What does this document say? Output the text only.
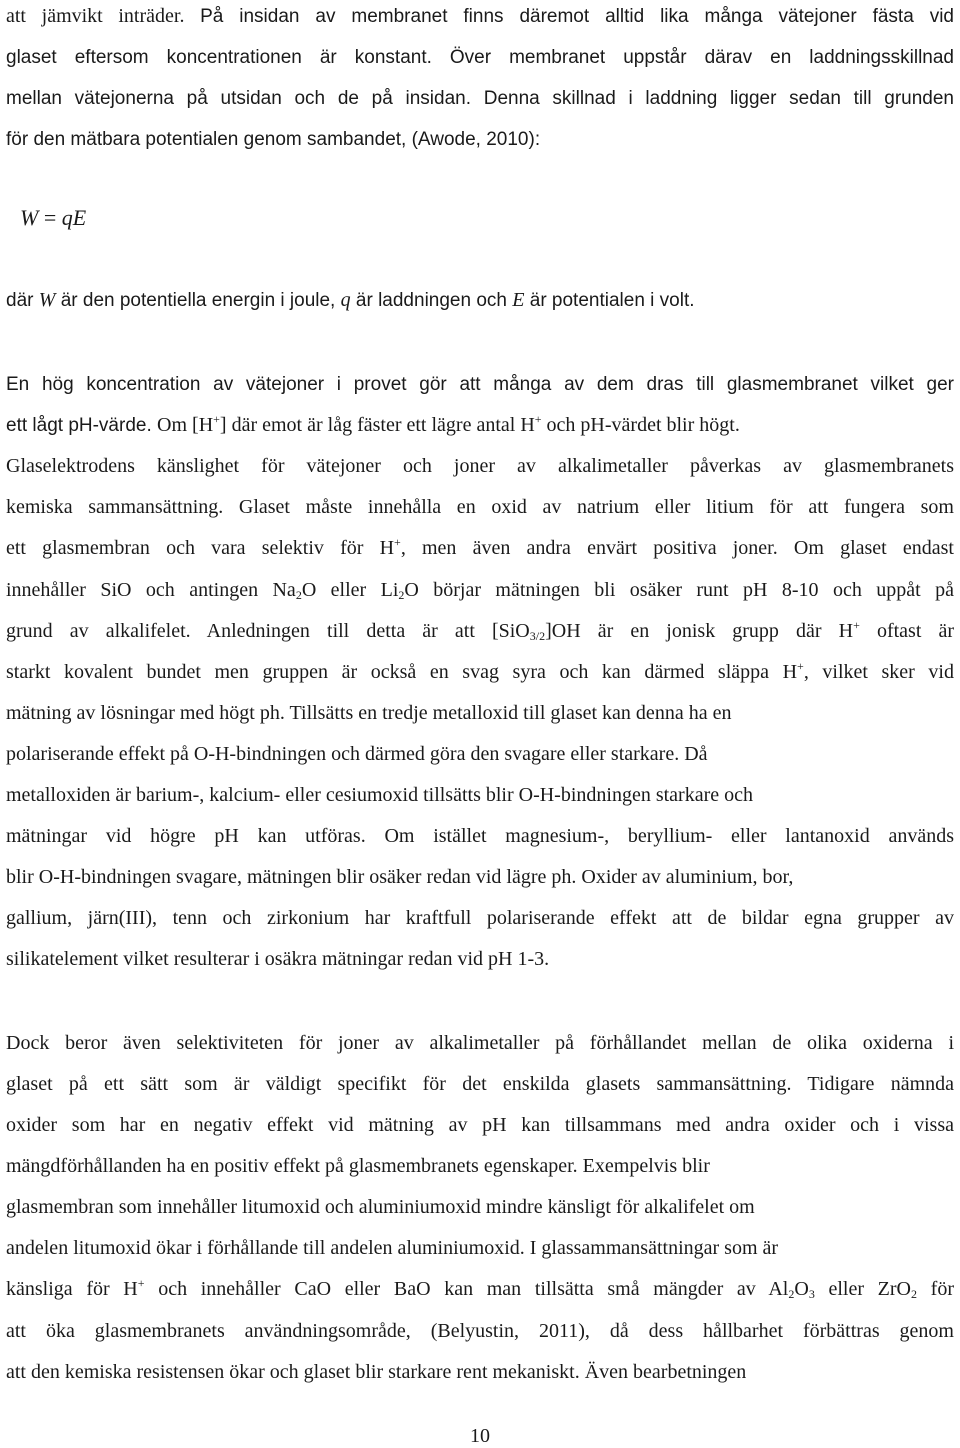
att jämvikt inträder. På insidan av membranet finns däremot alltid lika många vätejoner fästa vid
glaset eftersom koncentrationen är konstant. Över membranet uppstår därav en laddningsskillnad
mellan vätejonerna på utsidan och de på insidan. Denna skillnad i laddning ligger sedan till grunden
för den mätbara potentialen genom sambandet, (Awode, 2010):
W = qE
där W är den potentiella energin i joule, q är laddningen och E är potentialen i volt.
En hög koncentration av vätejoner i provet gör att många av dem dras till glasmembranet vilket ger
ett lågt pH-värde. Om [H+] där emot är låg fäster ett lägre antal H+ och pH-värdet blir högt.
Glaselektrodens känslighet för vätejoner och joner av alkalimetaller påverkas av glasmembranets
kemiska sammansättning. Glaset måste innehålla en oxid av natrium eller litium för att fungera som
ett glasmembran och vara selektiv för H+, men även andra envärt positiva joner. Om glaset endast
innehåller SiO och antingen $Na_2O$ eller $Li_2O$ börjar mätningen bli osäker runt pH 8-10 och uppåt på
grund av alkalifelet. Anledningen till detta är att [SiO$_{3/2}$]OH är en jonisk grupp där H+ oftast är
starkt kovalent bundet men gruppen är också en svag syra och kan därmed släppa H+, vilket sker vid
mätning av lösningar med högt ph. Tillsätts en tredje metalloxid till glaset kan denna ha en
polariserande effekt på O-H-bindningen och därmed göra den svagare eller starkare. Då
metalloxiden är barium-, kalcium- eller cesiumoxid tillsätts blir O-H-bindningen starkare och
mätningar vid högre pH kan utföras. Om istället magnesium-, beryllium- eller lantanoxid används
blir O-H-bindningen svagare, mätningen blir osäker redan vid lägre ph. Oxider av aluminium, bor,
gallium, järn(III), tenn och zirkonium har kraftfull polariserande effekt att de bildar egna grupper av
silikatelement vilket resulterar i osäkra mätningar redan vid pH 1-3.
Dock beror även selektiviteten för joner av alkalimetaller på förhållandet mellan de olika oxiderna i
glaset på ett sätt som är väldigt specifikt för det enskilda glasets sammansättning. Tidigare nämnda
oxider som har en negativ effekt vid mätning av pH kan tillsammans med andra oxider och i vissa
mängdförhållanden ha en positiv effekt på glasmembranets egenskaper. Exempelvis blir
glasmembran som innehåller litumoxid och aluminiumoxid mindre känsligt för alkalifelet om
andelen litumoxid ökar i förhållande till andelen aluminiumoxid. I glassammansättningar som är
känsliga för H+ och innehåller CaO eller BaO kan man tillsätta små mängder av $Al_2O_3$ eller ZrO$_2$ för
att öka glasmembranets användningsområde, (Belyustin, 2011), då dess hållbarhet förbättras genom
att den kemiska resistensen ökar och glaset blir starkare rent mekaniskt. Även bearbetningen
10
